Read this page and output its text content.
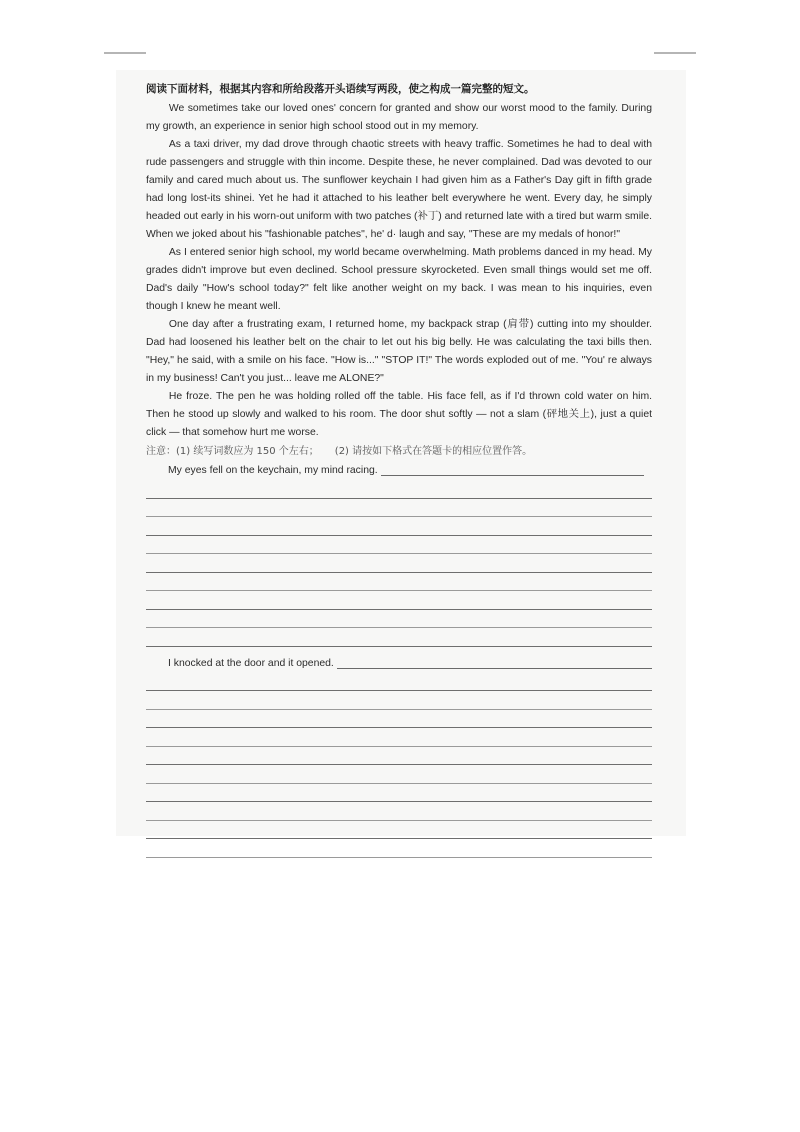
阅读下面材料，根据其内容和所给段落开头语续写两段，使之构成一篇完整的短文。

We sometimes take our loved ones' concern for granted and show our worst mood to the family. During my growth, an experience in senior high school stood out in my memory.

As a taxi driver, my dad drove through chaotic streets with heavy traffic. Sometimes he had to deal with rude passengers and struggle with thin income. Despite these, he never complained. Dad was devoted to our family and cared much about us. The sunflower keychain I had given him as a Father's Day gift in fifth grade had long lost-its shinei. Yet he had it attached to his leather belt everywhere he went. Every day, he simply headed out early in his worn-out uniform with two patches (补丁) and returned late with a tired but warm smile. When we joked about his "fashionable patches", he' d· laugh and say, "These are my medals of honor!"

As I entered senior high school, my world became overwhelming. Math problems danced in my head. My grades didn't improve but even declined. School pressure skyrocketed. Even small things would set me off. Dad's daily "How's school today?" felt like another weight on my back. I was mean to his inquiries, even though I knew he meant well.

One day after a frustrating exam, I returned home, my backpack strap (肩带) cutting into my shoulder. Dad had loosened his leather belt on the chair to let out his big belly. He was calculating the taxi bills then. "Hey," he said, with a smile on his face. "How is..." "STOP IT!" The words exploded out of me. "You' re always in my business! Can't you just... leave me ALONE?"

He froze. The pen he was holding rolled off the table. His face fell, as if I'd thrown cold water on him. Then he stood up slowly and walked to his room. The door shut softly — not a slam (砰地关上), just a quiet click — that somehow hurt me worse.

注意：(1) 续写词数应为 150 个左右； (2) 请按如下格式在答题卡的相应位置作答。
My eyes fell on the keychain, my mind racing.
I knocked at the door and it opened.
